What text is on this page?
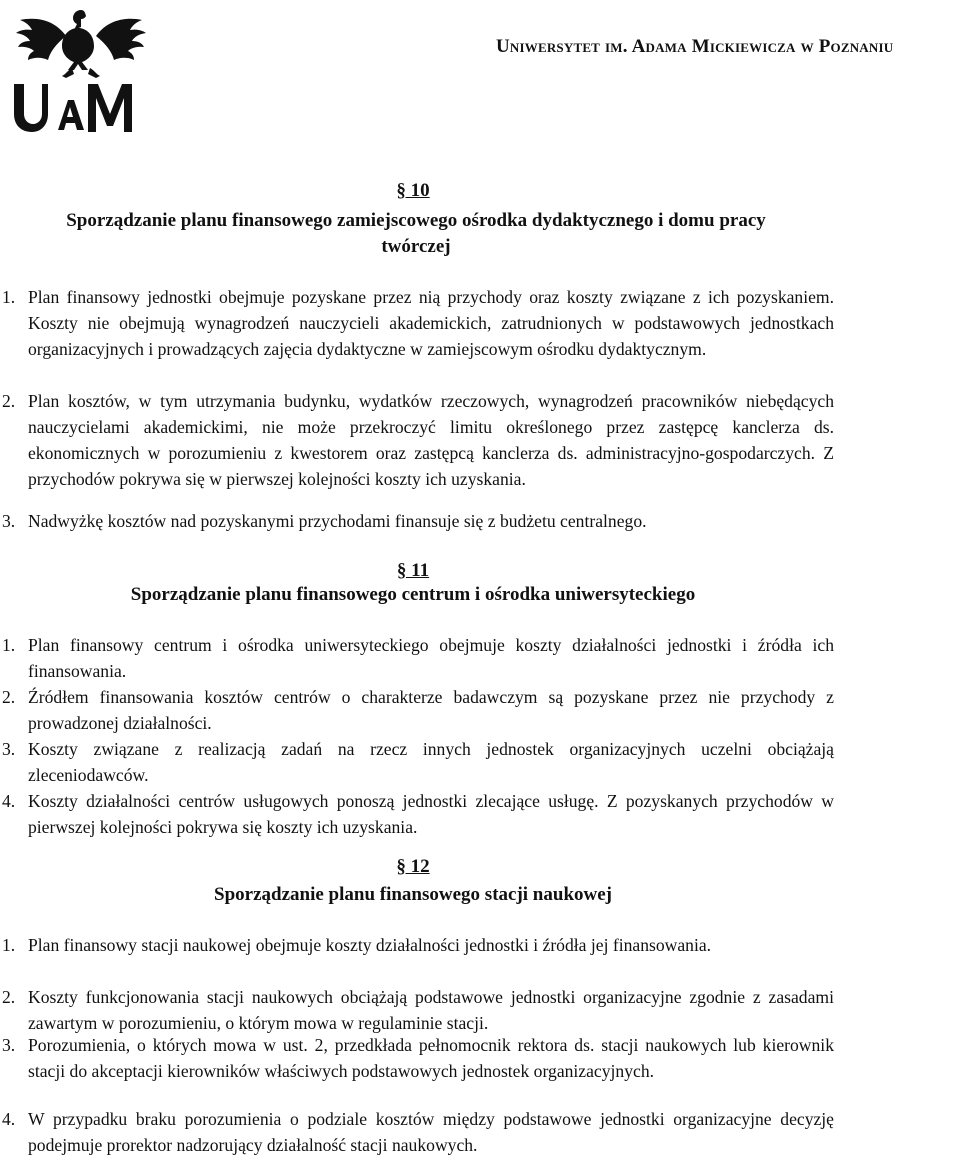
Uniwersytet im. Adama Mickiewicza w Poznaniu
§ 10
Sporządzanie planu finansowego zamiejscowego ośrodka dydaktycznego i domu pracy twórczej
1. Plan finansowy jednostki obejmuje pozyskane przez nią przychody oraz koszty związane z ich pozyskaniem. Koszty nie obejmują wynagrodzeń nauczycieli akademickich, zatrudnionych w podstawowych jednostkach organizacyjnych i prowadzących zajęcia dydaktyczne w zamiejscowym ośrodku dydaktycznym.
2. Plan kosztów, w tym utrzymania budynku, wydatków rzeczowych, wynagrodzeń pracowników niebędących nauczycielami akademickimi, nie może przekroczyć limitu określonego przez zastępcę kanclerza ds. ekonomicznych w porozumieniu z kwestorem oraz zastępcą kanclerza ds. administracyjno-gospodarczych. Z przychodów pokrywa się w pierwszej kolejności koszty ich uzyskania.
3. Nadwyżkę kosztów nad pozyskanymi przychodami finansuje się z budżetu centralnego.
§ 11
Sporządzanie planu finansowego centrum i ośrodka uniwersyteckiego
1. Plan finansowy centrum i ośrodka uniwersyteckiego obejmuje koszty działalności jednostki i źródła ich finansowania.
2. Źródłem finansowania kosztów centrów o charakterze badawczym są pozyskane przez nie przychody z prowadzonej działalności.
3. Koszty związane z realizacją zadań na rzecz innych jednostek organizacyjnych uczelni obciążają zleceniodawców.
4. Koszty działalności centrów usługowych ponoszą jednostki zlecające usługę. Z pozyskanych przychodów w pierwszej kolejności pokrywa się koszty ich uzyskania.
§ 12
Sporządzanie planu finansowego stacji naukowej
1. Plan finansowy stacji naukowej obejmuje koszty działalności jednostki i źródła jej finansowania.
2. Koszty funkcjonowania stacji naukowych obciążają podstawowe jednostki organizacyjne zgodnie z zasadami zawartym w porozumieniu, o którym mowa w regulaminie stacji.
3. Porozumienia, o których mowa w ust. 2, przedkłada pełnomocnik rektora ds. stacji naukowych lub kierownik stacji do akceptacji kierowników właściwych podstawowych jednostek organizacyjnych.
4. W przypadku braku porozumienia o podziale kosztów między podstawowe jednostki organizacyjne decyzję podejmuje prorektor nadzorujący działalność stacji naukowych.
